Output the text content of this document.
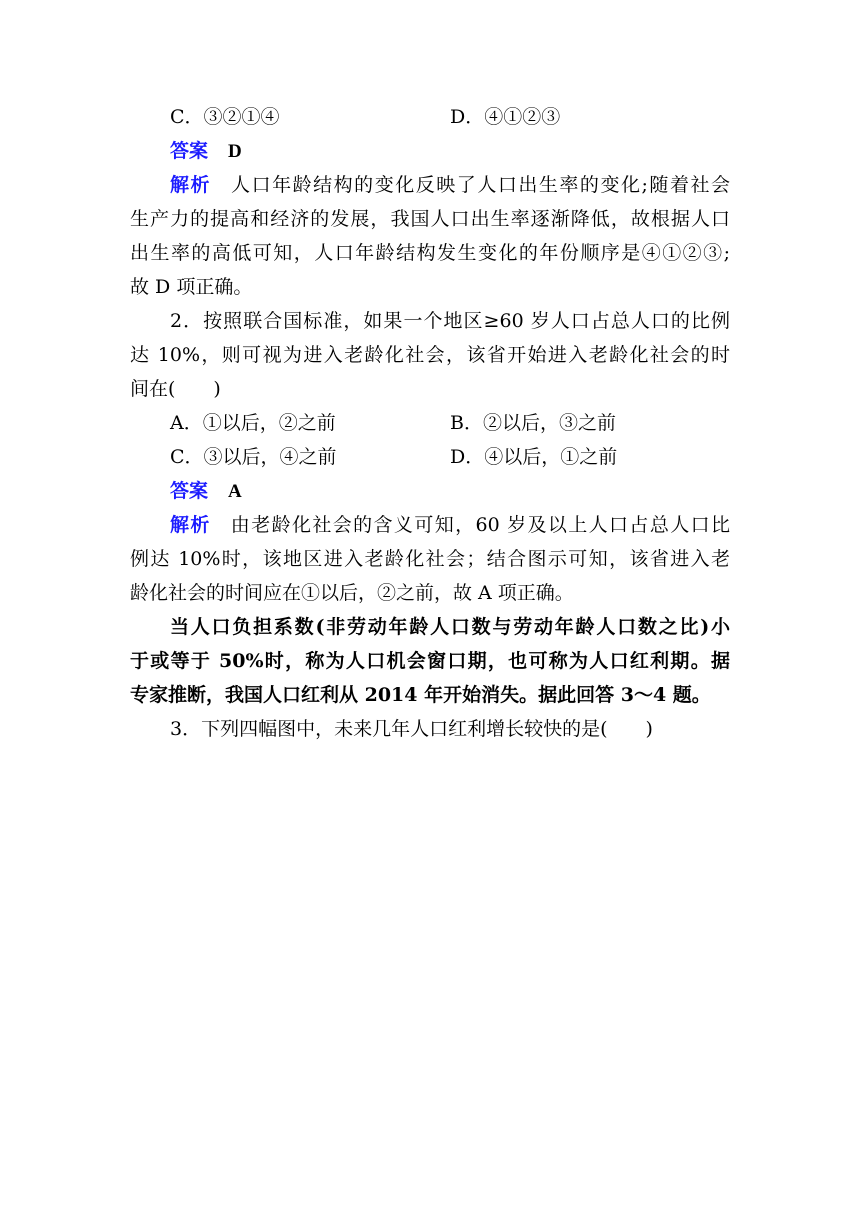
C．③②①④	D．④①②③
答案 D
解析 人口年龄结构的变化反映了人口出生率的变化;随着社会
生产力的提高和经济的发展，我国人口出生率逐渐降低，故根据人口
出生率的高低可知，人口年龄结构发生变化的年份顺序是④①②③;
故 D 项正确。
2．按照联合国标准，如果一个地区≥60 岁人口占总人口的比例
达 10%，则可视为进入老龄化社会，该省开始进入老龄化社会的时
间在(　　)
A．①以后，②之前	B．②以后，③之前
C．③以后，④之前	D．④以后，①之前
答案 A
解析 由老龄化社会的含义可知，60 岁及以上人口占总人口比
例达 10%时，该地区进入老龄化社会；结合图示可知，该省进入老
龄化社会的时间应在①以后，②之前，故 A 项正确。
当人口负担系数(非劳动年龄人口数与劳动年龄人口数之比)小
于或等于 50%时，称为人口机会窗口期，也可称为人口红利期。据
专家推断，我国人口红利从 2014 年开始消失。据此回答 3～4 题。
3．下列四幅图中，未来几年人口红利增长较快的是(　　)
